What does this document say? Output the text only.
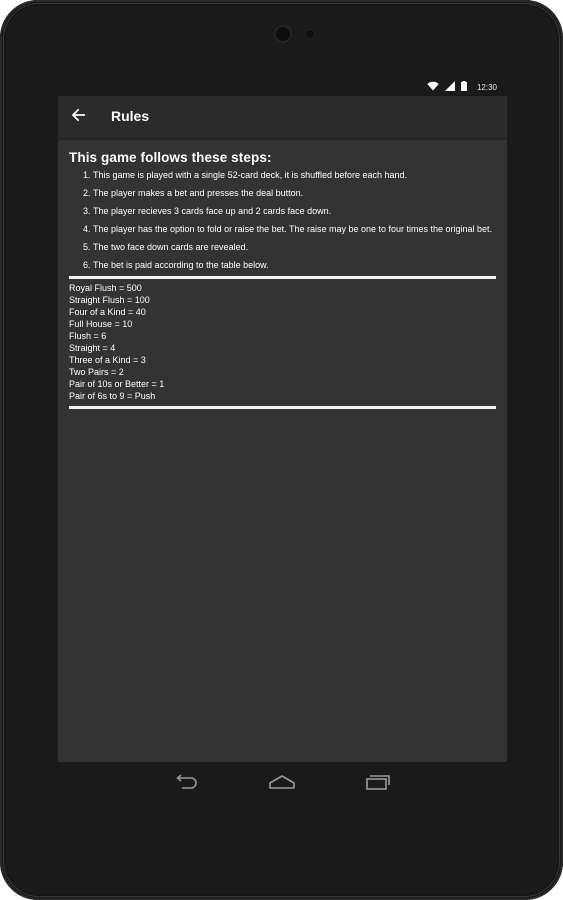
12:30
Rules
This game follows these steps:
1. This game is played with a single 52-card deck, it is shuffled before each hand.
2. The player makes a bet and presses the deal button.
3. The player recieves 3 cards face up and 2 cards face down.
4. The player has the option to fold or raise the bet. The raise may be one to four times the original bet.
5. The two face down cards are revealed.
6. The bet is paid according to the table below.
Royal Flush = 500
Straight Flush = 100
Four of a Kind = 40
Full House = 10
Flush = 6
Straight = 4
Three of a Kind = 3
Two Pairs = 2
Pair of 10s or Better = 1
Pair of 6s to 9 = Push
